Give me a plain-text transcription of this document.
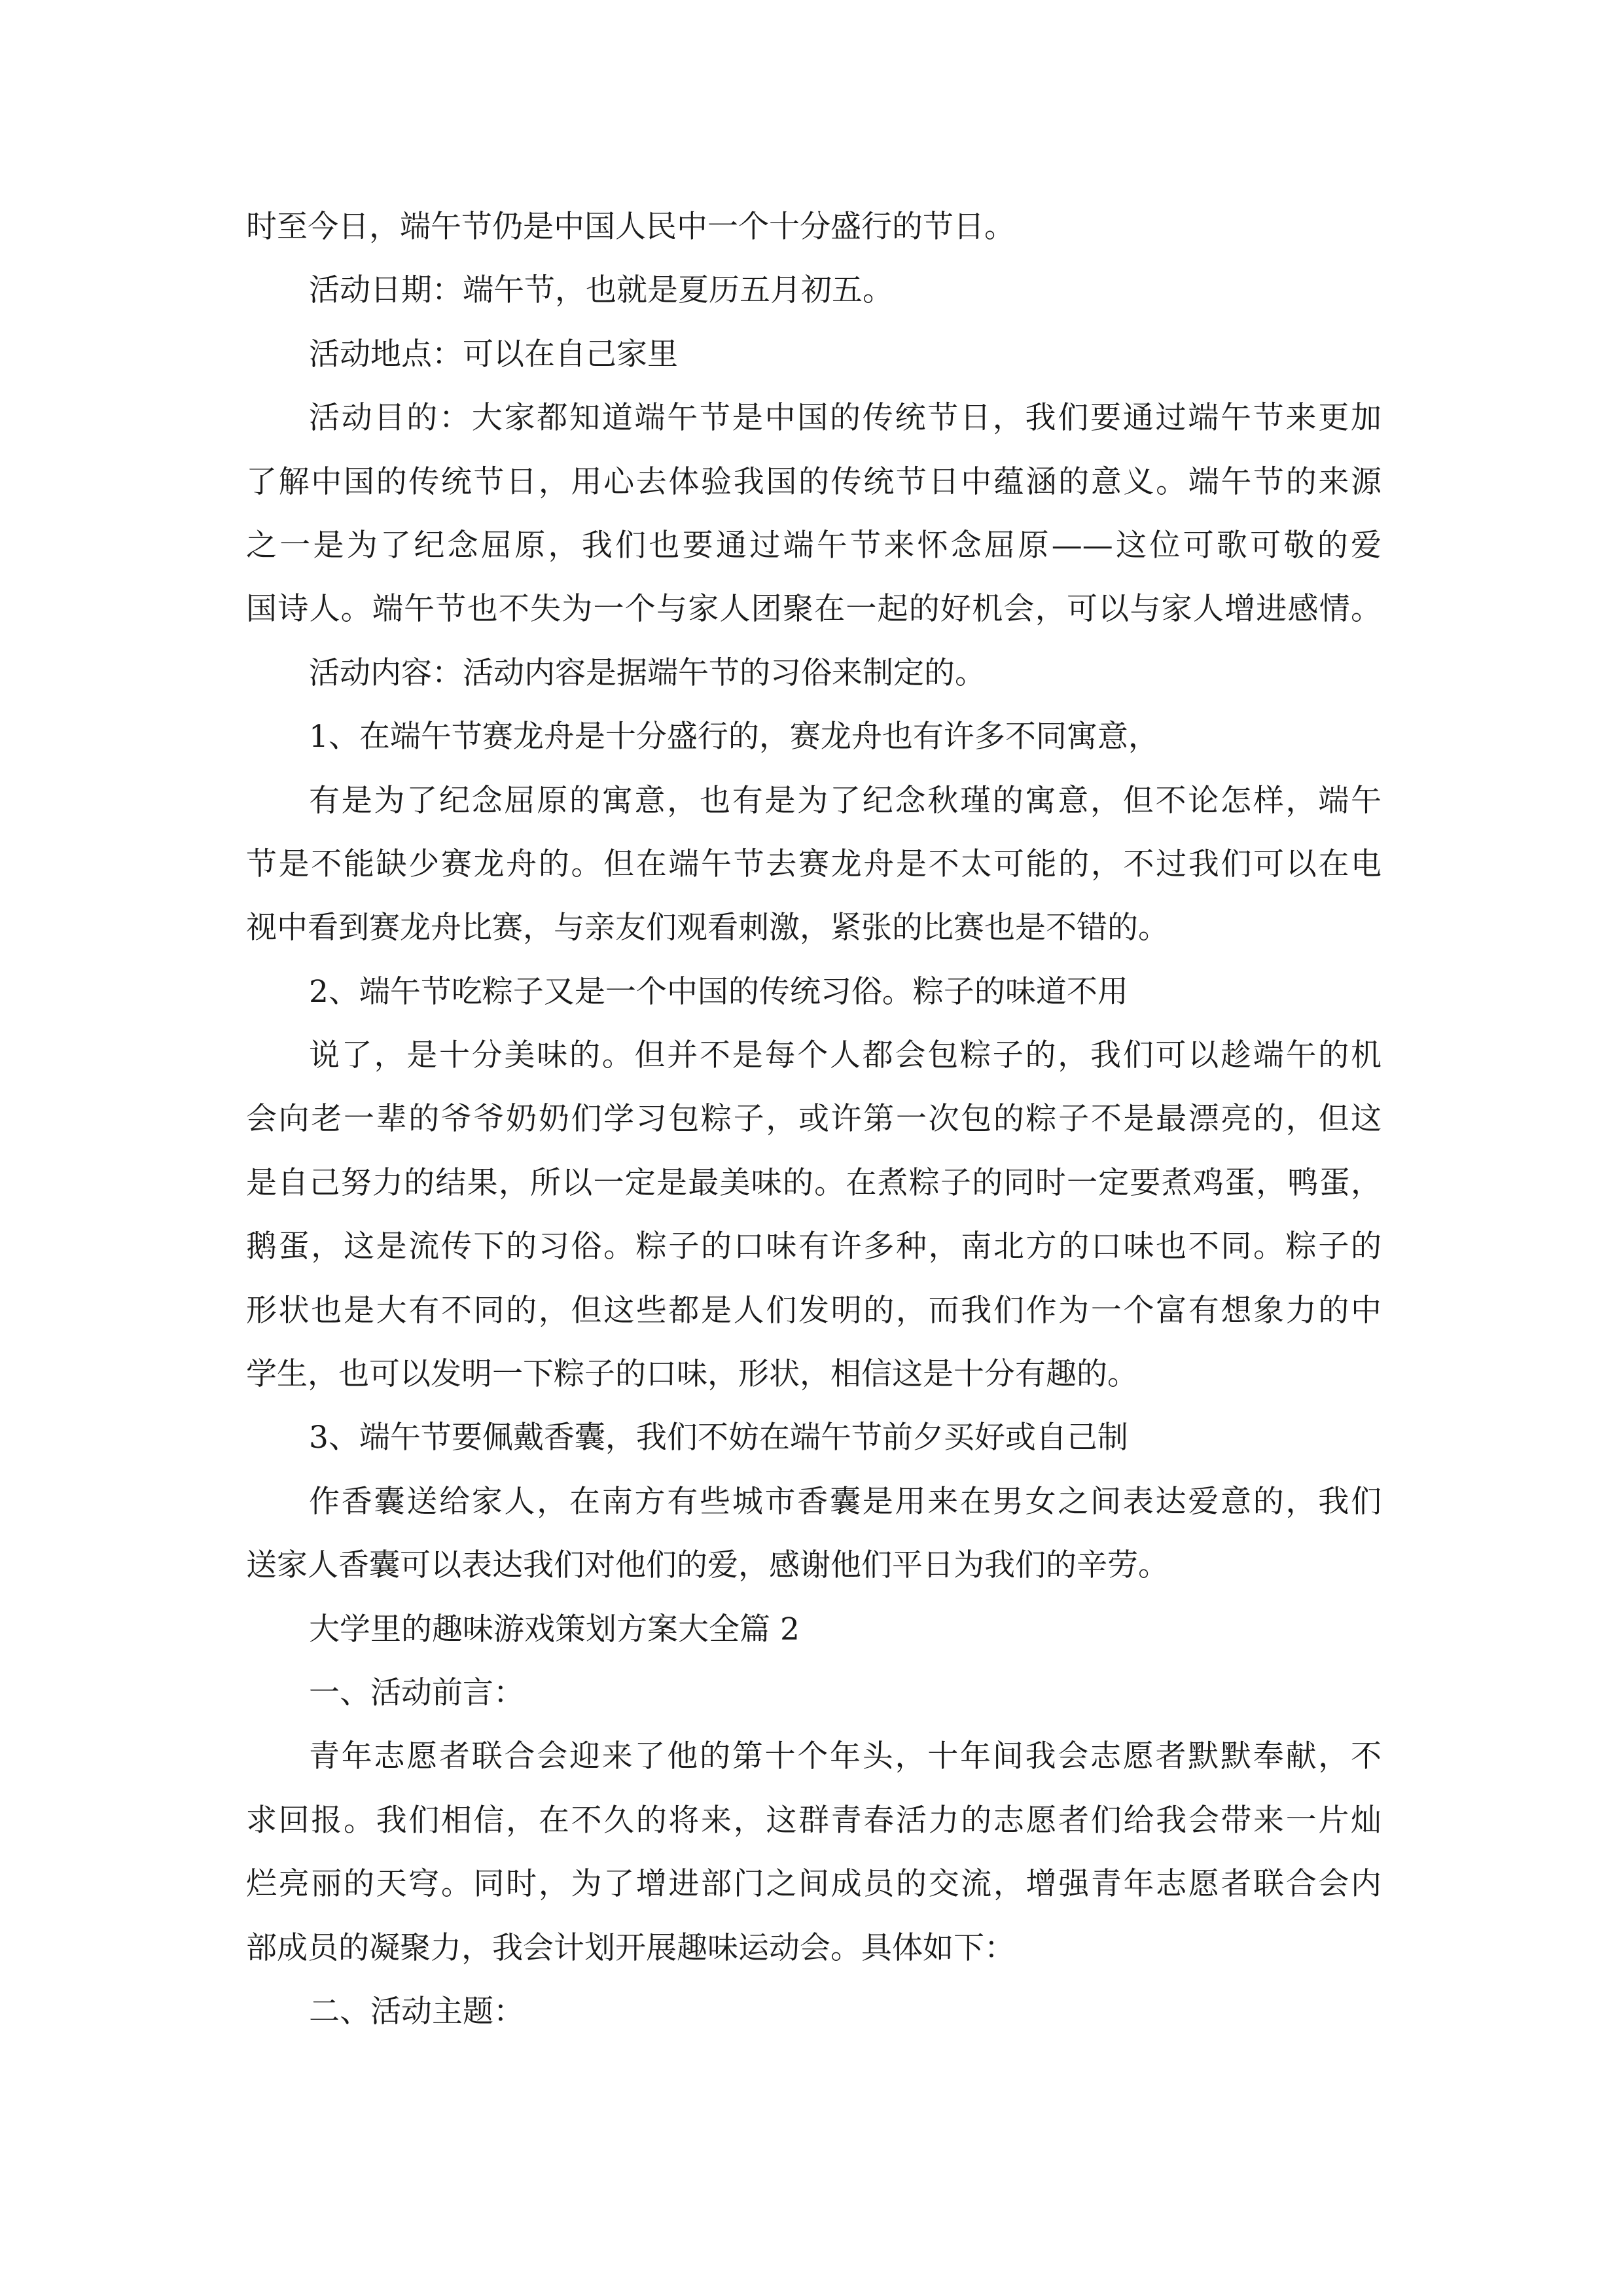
时至今日，端午节仍是中国人民中一个十分盛行的节日。

活动日期：端午节，也就是夏历五月初五。

活动地点：可以在自己家里

活动目的：大家都知道端午节是中国的传统节日，我们要通过端午节来更加

了解中国的传统节日，用心去体验我国的传统节日中蕴涵的意义。端午节的来源

之一是为了纪念屈原，我们也要通过端午节来怀念屈原——这位可歌可敬的爱

国诗人。端午节也不失为一个与家人团聚在一起的好机会，可以与家人增进感情。

活动内容：活动内容是据端午节的习俗来制定的。

1、在端午节赛龙舟是十分盛行的，赛龙舟也有许多不同寓意，

有是为了纪念屈原的寓意，也有是为了纪念秋瑾的寓意，但不论怎样，端午

节是不能缺少赛龙舟的。但在端午节去赛龙舟是不太可能的，不过我们可以在电

视中看到赛龙舟比赛，与亲友们观看刺激，紧张的比赛也是不错的。

2、端午节吃粽子又是一个中国的传统习俗。粽子的味道不用

说了，是十分美味的。但并不是每个人都会包粽子的，我们可以趁端午的机

会向老一辈的爷爷奶奶们学习包粽子，或许第一次包的粽子不是最漂亮的，但这

是自己努力的结果，所以一定是最美味的。在煮粽子的同时一定要煮鸡蛋，鸭蛋，

鹅蛋，这是流传下的习俗。粽子的口味有许多种，南北方的口味也不同。粽子的

形状也是大有不同的，但这些都是人们发明的，而我们作为一个富有想象力的中

学生，也可以发明一下粽子的口味，形状，相信这是十分有趣的。

3、端午节要佩戴香囊，我们不妨在端午节前夕买好或自己制

作香囊送给家人，在南方有些城市香囊是用来在男女之间表达爱意的，我们

送家人香囊可以表达我们对他们的爱，感谢他们平日为我们的辛劳。

大学里的趣味游戏策划方案大全篇 2

一、活动前言：

青年志愿者联合会迎来了他的第十个年头，十年间我会志愿者默默奉献，不

求回报。我们相信，在不久的将来，这群青春活力的志愿者们给我会带来一片灿

烂亮丽的天穹。同时，为了增进部门之间成员的交流，增强青年志愿者联合会内

部成员的凝聚力，我会计划开展趣味运动会。具体如下：

二、活动主题：
